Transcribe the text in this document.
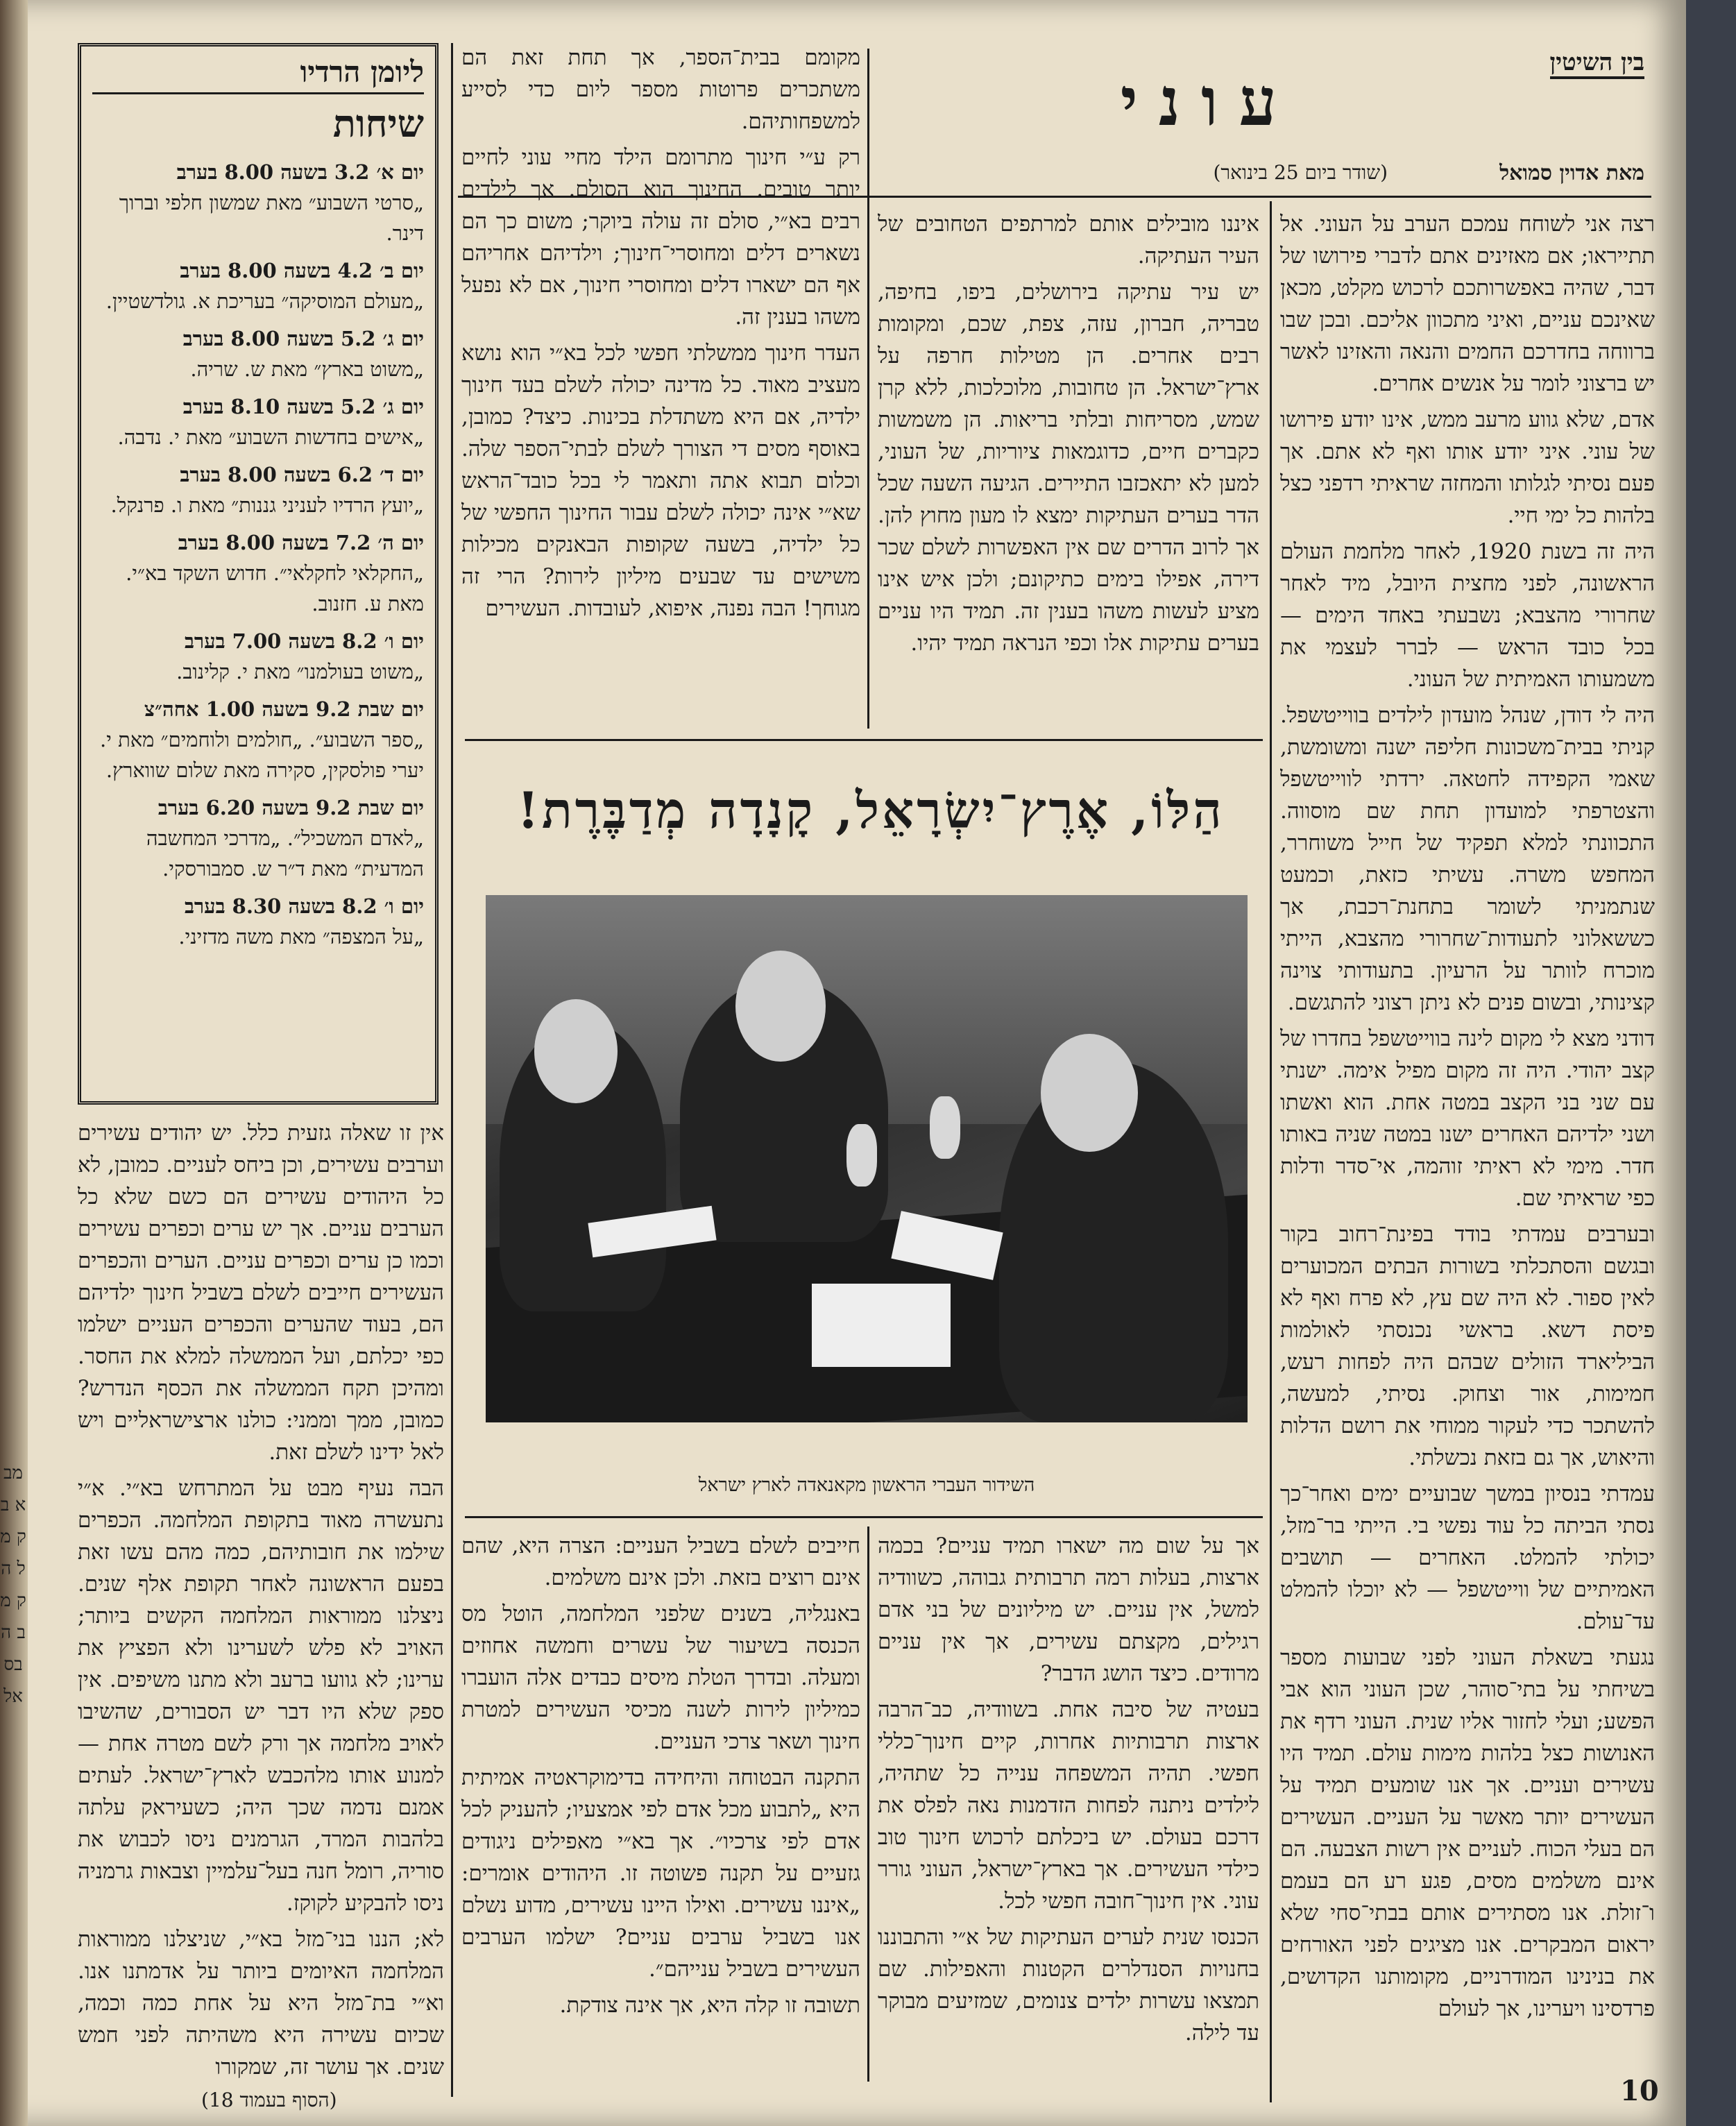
מב א ב ק מ ל ה ק מ ב ה בס אל
בין השיטין
עוני
מאת אדוין סמואל
(שודר ביום 25 בינואר)

רצה אני לשוחח עמכם הערב על העוני. אל תתייראו; אם מאזינים אתם לדברי פירושו של דבר, שהיה באפשרותכם לרכוש מקלט, מכאן שאינכם עניים, ואיני מתכוון אליכם. ובכן שבו ברווחה בחדרכם החמים והנאה והאזינו לאשר יש ברצוני לומר על אנשים אחרים.

אדם, שלא גווע מרעב ממש, אינו יודע פירושו של עוני. איני יודע אותו ואף לא אתם. אך פעם נסיתי לגלותו והמחזה שראיתי רדפני כצל בלהות כל ימי חיי.

היה זה בשנת 1920, לאחר מלחמת העולם הראשונה, לפני מחצית היובל, מיד לאחר שחרורי מהצבא; נשבעתי באחד הימים — בכל כובד הראש — לברר לעצמי את משמעותו האמיתית של העוני.

היה לי דודן, שנהל מועדון לילדים בווייטשפל. קניתי בבית־משכונות חליפה ישנה ומשומשת, שאמי הקפידה לחטאה. ירדתי לווייטשפל והצטרפתי למועדון תחת שם מוסווה. התכוונתי למלא תפקיד של חייל משוחרר, המחפש משרה. עשיתי כזאת, וכמעט שנתמניתי לשומר בתחנת־רכבת, אך כששאלוני לתעודות־שחרורי מהצבא, הייתי מוכרח לוותר על הרעיון. בתעודותי צוינה קצינותי, ובשום פנים לא ניתן רצוני להתגשם.

דודני מצא לי מקום לינה בווייטשפל בחדרו של קצב יהודי. היה זה מקום מפיל אימה. ישנתי עם שני בני הקצב במטה אחת. הוא ואשתו ושני ילדיהם האחרים ישנו במטה שניה באותו חדר. מימי לא ראיתי זוהמה, אי־סדר ודלות כפי שראיתי שם.

ובערבים עמדתי בודד בפינת־רחוב בקור ובגשם והסתכלתי בשורות הבתים המכוערים לאין ספור. לא היה שם עץ, לא פרח ואף לא פיסת דשא. בראשי נכנסתי לאולמות הביליארד הזולים שבהם היה לפחות רעש, חמימות, אור וצחוק. נסיתי, למעשה, להשתכר כדי לעקור ממוחי את רושם הדלות והיאוש, אך גם בזאת נכשלתי.

עמדתי בנסיון במשך שבועיים ימים ואחר־כך נסתי הביתה כל עוד נפשי בי. הייתי בר־מזל, יכולתי להמלט. האחרים — תושבים האמיתיים של ווייטשפל — לא יוכלו להמלט עד־עולם.

נגעתי בשאלת העוני לפני שבועות מספר בשיחתי על בתי־סוהר, שכן העוני הוא אבי הפשע; ועלי לחזור אליו שנית. העוני רדף את האנושות כצל בלהות מימות עולם. תמיד היו עשירים ועניים. אך אנו שומעים תמיד על העשירים יותר מאשר על העניים. העשירים הם בעלי הכוח. לעניים אין רשות הצבעה. הם אינם משלמים מסים, פגע רע הם בעמם ו־זולת. אנו מסתירים אותם בבתי־סחי שלא יראום המבקרים. אנו מציגים לפני האורחים את בנינינו המודרניים, מקומותנו הקדושים, פרדסינו ויערינו, אך לעולם

איננו מובילים אותם למרתפים הטחובים של העיר העתיקה.

יש עיר עתיקה בירושלים, ביפו, בחיפה, טבריה, חברון, עזה, צפת, שכם, ומקומות רבים אחרים. הן מטילות חרפה על ארץ־ישראל. הן טחובות, מלוכלכות, ללא קרן שמש, מסריחות ובלתי בריאות. הן משמשות כקברים חיים, כדוגמאות ציוריות, של העוני, למען לא יתאכזבו התיירים. הגיעה השעה שכל הדר בערים העתיקות ימצא לו מעון מחוץ להן. אך לרוב הדרים שם אין האפשרות לשלם שכר דירה, אפילו בימים כתיקונם; ולכן איש אינו מציע לעשות משהו בענין זה. תמיד היו עניים בערים עתיקות אלו וכפי הנראה תמיד יהיו.

מקומם בבית־הספר, אך תחת זאת הם משתכרים פרוטות מספר ליום כדי לסייע למשפחותיהם.

רק ע״י חינוך מתרומם הילד מחיי עוני לחיים יותר טובים. החינוך הוא הסולם. אך לילדים רבים בא״י, סולם זה עולה ביוקר; משום כך הם נשארים דלים ומחוסרי־חינוך; וילדיהם אחריהם אף הם ישארו דלים ומחוסרי חינוך, אם לא נפעל משהו בענין זה.

העדר חינוך ממשלתי חפשי לכל בא״י הוא נושא מעציב מאוד. כל מדינה יכולה לשלם בעד חינוך ילדיה, אם היא משתדלת בכינות. כיצד? כמובן, באוסף מסים די הצורך לשלם לבתי־הספר שלה. וכלום תבוא אתה ותאמר לי בכל כובד־הראש שא״י אינה יכולה לשלם עבור החינוך החפשי של כל ילדיה, בשעה שקופות הבאנקים מכילות משישים עד שבעים מיליון לירות? הרי זה מגוחך! הבה נפנה, איפוא, לעובדות. העשירים

ליומן הרדיו
שיחות
יום א׳ 3.2 בשעה 8.00 בערב
„סרטי השבוע״ מאת שמשון חלפי וברוך דינר.
יום ב׳ 4.2 בשעה 8.00 בערב
„מעולם המוסיקה״ בעריכת א. גולדשטיין.
יום ג׳ 5.2 בשעה 8.00 בערב
„משוט בארץ״ מאת ש. שריה.
יום ג׳ 5.2 בשעה 8.10 בערב
„אישים בחדשות השבוע״ מאת י. נדבה.
יום ד׳ 6.2 בשעה 8.00 בערב
„יועץ הרדיו לעניני גננות״ מאת ו. פרנקל.
יום ה׳ 7.2 בשעה 8.00 בערב
„החקלאי לחקלאי״. חדוש השקד בא״י. מאת ע. חזנוב.
יום ו׳ 8.2 בשעה 7.00 בערב
„משוט בעולמנו״ מאת י. קלינוב.
יום שבת 9.2 בשעה 1.00 אחה״צ
„ספר השבוע״. „חולמים ולוחמים״ מאת י. יערי פולסקין, סקירה מאת שלום שווארץ.
יום שבת 9.2 בשעה 6.20 בערב
„לאדם המשכיל״. „מדרכי המחשבה המדעית״ מאת ד״ר ש. סמבורסקי.
יום ו׳ 8.2 בשעה 8.30 בערב
„על המצפה״ מאת משה מדזיני.

אין זו שאלה גזעית כלל. יש יהודים עשירים וערבים עשירים, וכן ביחס לעניים. כמובן, לא כל היהודים עשירים הם כשם שלא כל הערבים עניים. אך יש ערים וכפרים עשירים וכמו כן ערים וכפרים עניים. הערים והכפרים העשירים חייבים לשלם בשביל חינוך ילדיהם הם, בעוד שהערים והכפרים העניים ישלמו כפי יכלתם, ועל הממשלה למלא את החסר. ומהיכן תקח הממשלה את הכסף הנדרש? כמובן, ממך וממני: כולנו ארצישראליים ויש לאל ידינו לשלם זאת.

הבה נעיף מבט על המתרחש בא״י. א״י נתעשרה מאוד בתקופת המלחמה. הכפרים שילמו את חובותיהם, כמה מהם עשו זאת בפעם הראשונה לאחר תקופת אלף שנים. ניצלנו ממוראות המלחמה הקשים ביותר; האויב לא פלש לשערינו ולא הפציץ את ערינו; לא גוועו ברעב ולא מתנו משיפים. אין ספק שלא היו דבר יש הסבורים, שהשיבו לאויב מלחמה אך ורק לשם מטרה אחת — למנוע אותו מלהכבש לארץ־ישראל. לעתים אמנם נדמה שכך היה; כשעיראק עלתה בלהבות המרד, הגרמנים ניסו לכבוש את סוריה, רומל חנה בעל־עלמיין וצבאות גרמניה ניסו להבקיע לקוקז.

לא; הננו בני־מזל בא״י, שניצלנו ממוראות המלחמה האיומים ביותר על אדמתנו אנו. וא״י בת־מזל היא על אחת כמה וכמה, שכיום עשירה היא משהיתה לפני חמש שנים. אך עושר זה, שמקורו

(הסוף בעמוד 18)
הַלּוֹ, אֶרֶץ־יִשְׂרָאֵל, קָנָדָה מְדַבֶּרֶת!
השידור העברי הראשון מקאנאדה לארץ ישראל

אך על שום מה ישארו תמיד עניים? בכמה ארצות, בעלות רמה תרבותית גבוהה, כשוודיה למשל, אין עניים. יש מיליונים של בני אדם רגילים, מקצתם עשירים, אך אין עניים מרודים. כיצד הושג הדבר?

בעטיה של סיבה אחת. בשוודיה, כב־הרבה ארצות תרבותיות אחרות, קיים חינוך־כללי חפשי. תהיה המשפחה ענייה כל שתהיה, לילדים ניתנה לפחות הזדמנות נאה לפלס את דרכם בעולם. יש ביכלתם לרכוש חינוך טוב כילדי העשירים. אך בארץ־ישראל, העוני גורר עוני. אין חינוך־חובה חפשי לכל.

הכנסו שנית לערים העתיקות של א״י והתבוננו בחנויות הסנדלרים הקטנות והאפילות. שם תמצאו עשרות ילדים צנומים, שמזיעים מבוקר עד לילה.

חייבים לשלם בשביל העניים: הצרה היא, שהם אינם רוצים בזאת. ולכן אינם משלמים.

באנגליה, בשנים שלפני המלחמה, הוטל מס הכנסה בשיעור של עשרים וחמשה אחוזים ומעלה. ובדרך הטלת מיסים כבדים אלה הועברו כמיליון לירות לשנה מכיסי העשירים למטרת חינוך ושאר צרכי העניים.

התקנה הבטוחה והיחידה בדימוקראטיה אמיתית היא „לתבוע מכל אדם לפי אמצעיו; להעניק לכל אדם לפי צרכיו״. אך בא״י מאפילים ניגודים גזעיים על תקנה פשוטה זו. היהודים אומרים: „איננו עשירים. ואילו היינו עשירים, מדוע נשלם אנו בשביל ערבים עניים? ישלמו הערבים העשירים בשביל ענייהם״.

תשובה זו קלה היא, אך אינה צודקת.

10
